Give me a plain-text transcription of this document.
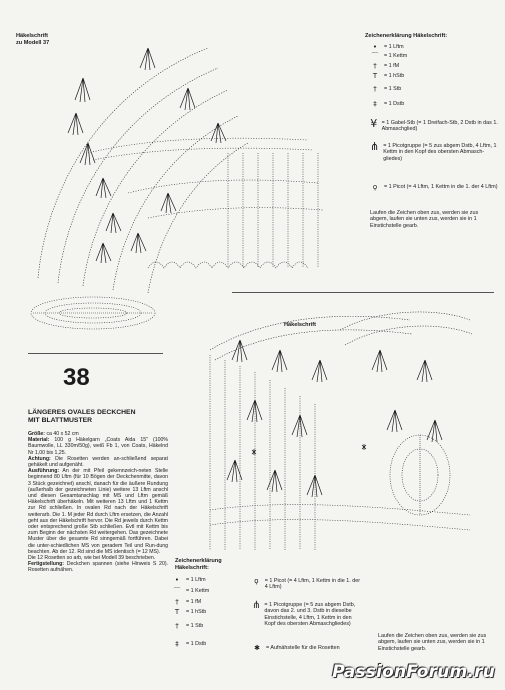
Häkelschrift
zu Modell 37
Zeichenerklärung Häkelschrift:
•	= 1 Lftm
⌒ = 1 Kettm
†	= 1 fM
T	= 1 hStb
†	= 1 Stb
‡	= 1 Dstb
¥ = 1 Gabel-Stb (= 1 Dreifach-Stb, 2 Dstb in das 1. Abmaschglied)
⋔ = 1 Picotgruppe (= 5 zus abgem Dstb, 4 Lftm, 1 Kettm in den Kopf des obersten Abmasch-gliedes)
ϙ	= 1 Picot (= 4 Lftm, 1 Kettm in die 1. der 4 Lftm)
Laufen die Zeichen oben zus, werden sie zus abgem, laufen sie unten zus, werden sie in 1 Einstichstelle gearb.
38
LÄNGERES OVALES DECKCHEN
MIT BLATTMUSTER
Größe: ca 40 x 52 cm
Material: 100 g Häkelgarn „Coats Aida 15" (100% Baumwolle, LL 330m/50g), weiß Fb 1, von Coats, Häkelnd Nr 1,00 bis 1,25.
Achtung: Die Rosetten werden an-schließend separat gehäkelt und aufgenäht.
Ausführung: An der mit Pfeil gekennzeich-neten Stelle beginnend 80 Lftm (für 10 Bögen der Deckchenmitte, davon 3 Stück gezeichnet) anschl, danach für die äußere Rundung (außerhalb der gezeichneten Linie) weitere 13 Lftm anschl und diesen Gesamtanschlag mit MS und Lftm gemäß Häkelschrift überhäkeln. Mit weiteren 13 Lftm und 1 Kettm zur Rd schließen. In ovalen Rd nach der Häkelschrift weiterarb. Die 1. M jeder Rd durch Lftm ersetzen, die Anzahl geht aus der Häkelschrift hervor. Die Rd jeweils durch Kettm oder entsprechend große Stb schließen. Evtl mit Kettm bis zum Beginn der nächsten Rd weitergehen. Das gezeichnete Muster über die gesamte Rd sinngemäß fortführen. Dabei die unter-schiedlichen MS von geradem Teil und Run-dung beachten. Ab der 12. Rd sind die MS identisch (= 12 MS).
Die 12 Rosetten so arb, wie bei Modell 39 beschrieben.
Fertigstellung: Deckchen spannen (siehe Hinweis S 20). Rosetten aufnähen.
Häkelschrift
Zeichenerklärung
Häkelschrift:
•	= 1 Lftm
⌒ = 1 Kettm
†	= 1 fM
T	= 1 hStb
†	= 1 Stb
‡	= 1 Dstb
ϙ	= 1 Picot (= 4 Lftm, 1 Kettm in die 1. der 4 Lftm)
⋔ = 1 Picotgruppe (= 5 zus abgem Dstb, davon das 2. und 3. Dstb in dieselbe Einstichstelle, 4 Lftm, 1 Kettm in den Kopf des obersten Abmaschgliedes)
✱	= Aufnähstelle für die Rosetten
Laufen die Zeichen oben zus, werden sie zus abgem, laufen sie unten zus, werden sie in 1 Einstichstelle gearb.
PassionForum.ru
